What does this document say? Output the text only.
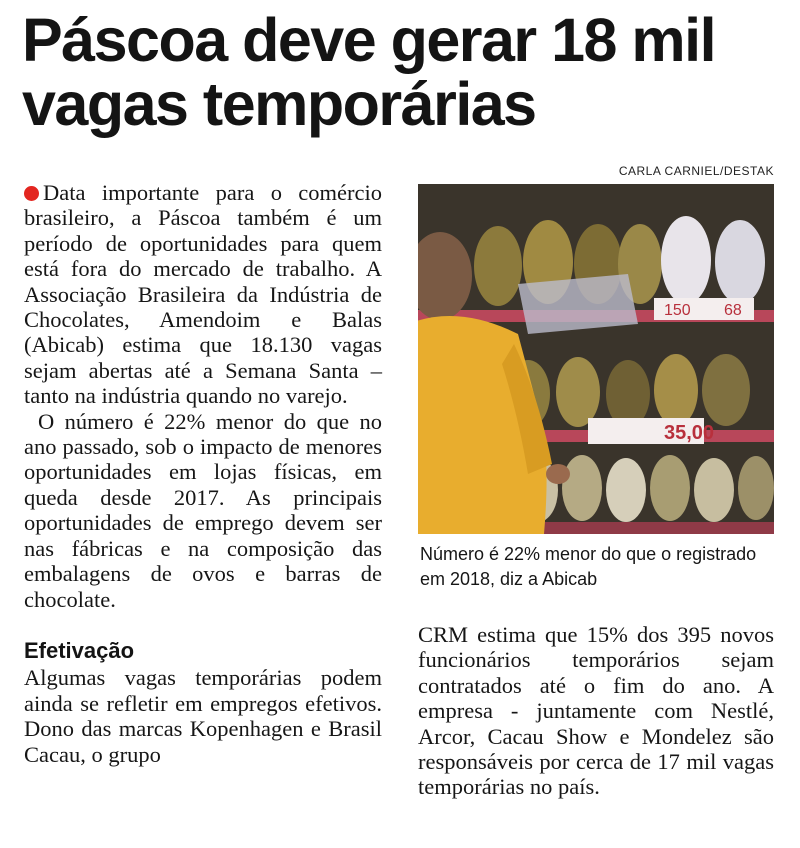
Páscoa deve gerar 18 mil vagas temporárias
CARLA CARNIEL/DESTAK

Data importante para o comércio brasileiro, a Páscoa também é um período de oportunidades para quem está fora do mercado de trabalho. A Associação Brasileira da Indústria de Chocolates, Amendoim e Balas (Abicab) estima que 18.130 vagas sejam abertas até a Semana Santa – tanto na indústria quando no varejo.

O número é 22% menor do que no ano passado, sob o impacto de menores oportunidades em lojas físicas, em queda desde 2017. As principais oportunidades de emprego devem ser nas fábricas e na composição das embalagens de ovos e barras de chocolate.

Efetivação

Algumas vagas temporárias podem ainda se refletir em empregos efetivos. Dono das marcas Kopenhagen e Brasil Cacau, o grupo

150 68
35,00
Número é 22% menor do que o registrado em 2018, diz a Abicab

CRM estima que 15% dos 395 novos funcionários temporários sejam contratados até o fim do ano. A empresa - juntamente com Nestlé, Arcor, Cacau Show e Mondelez são responsáveis por cerca de 17 mil vagas temporárias no país.
